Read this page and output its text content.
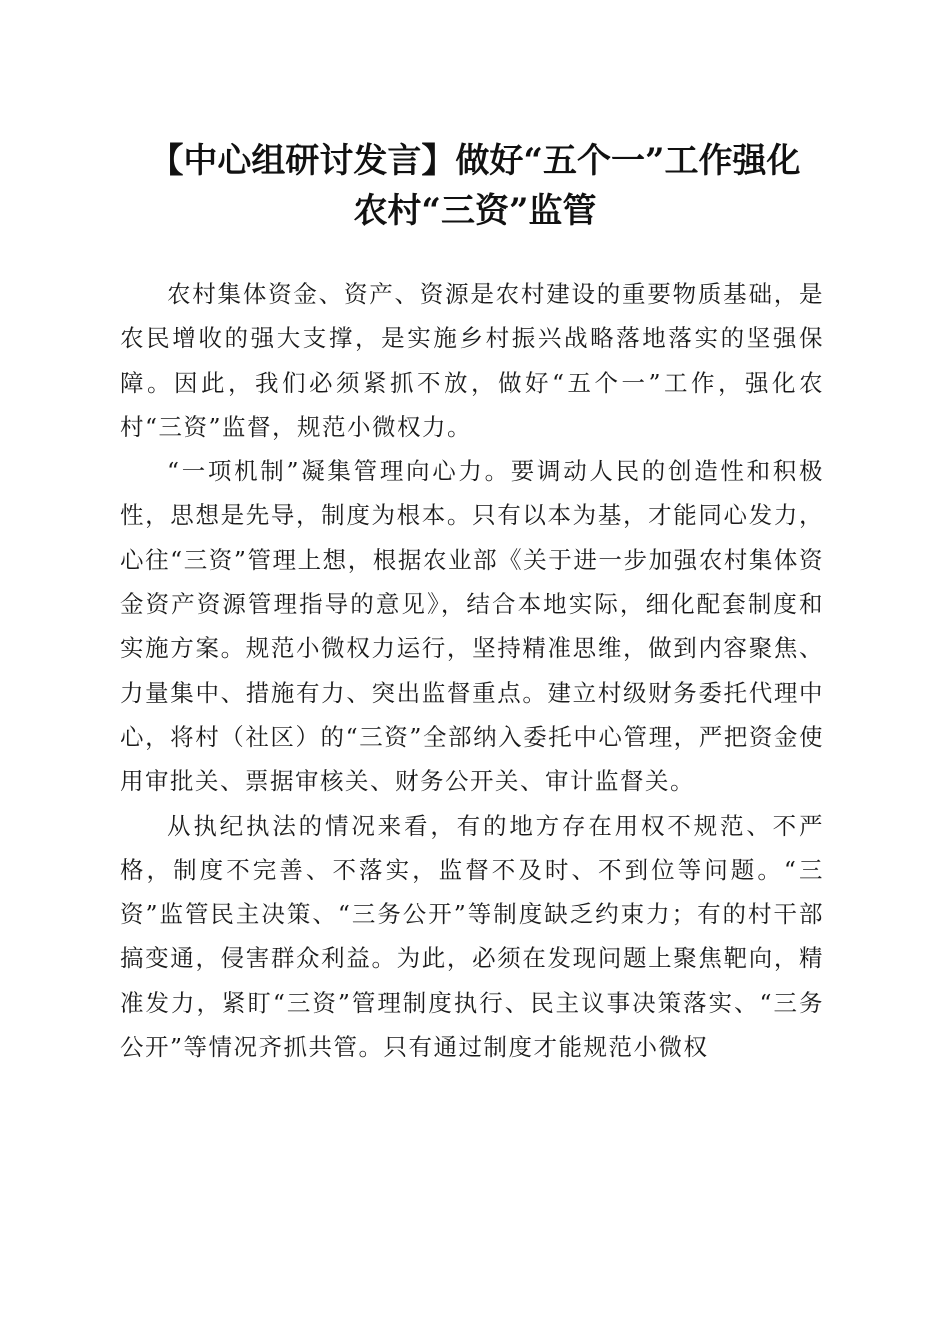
【中心组研讨发言】做好“五个一”工作强化
农村“三资”监管

农村集体资金、资产、资源是农村建设的重要物质基础，是农民增收的强大支撑，是实施乡村振兴战略落地落实的坚强保障。因此，我们必须紧抓不放，做好“五个一”工作，强化农村“三资”监督，规范小微权力。

“一项机制”凝集管理向心力。要调动人民的创造性和积极性，思想是先导，制度为根本。只有以本为基，才能同心发力，心往“三资”管理上想，根据农业部《关于进一步加强农村集体资金资产资源管理指导的意见》，结合本地实际，细化配套制度和实施方案。规范小微权力运行，坚持精准思维，做到内容聚焦、力量集中、措施有力、突出监督重点。建立村级财务委托代理中心，将村（社区）的“三资”全部纳入委托中心管理，严把资金使用审批关、票据审核关、财务公开关、审计监督关。

从执纪执法的情况来看，有的地方存在用权不规范、不严格，制度不完善、不落实，监督不及时、不到位等问题。“三资”监管民主决策、“三务公开”等制度缺乏约束力；有的村干部搞变通，侵害群众利益。为此，必须在发现问题上聚焦靶向，精准发力，紧盯“三资”管理制度执行、民主议事决策落实、“三务公开”等情况齐抓共管。只有通过制度才能规范小微权
